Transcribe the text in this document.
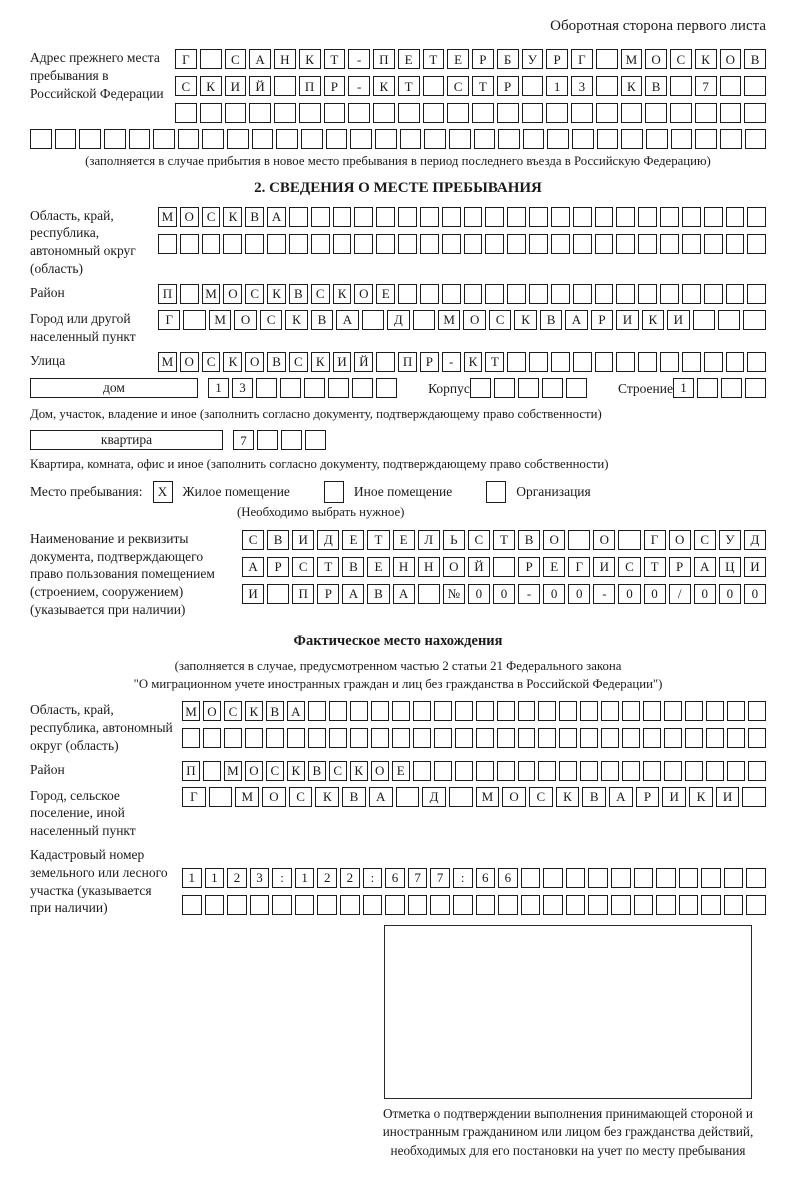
Оборотная сторона первого листа
Адрес прежнего места пребывания в Российской Федерации
Г	С	А	Н	К	Т	-	П	Е	Т	Е	Р	Б	У	Р	Г	М	О	С	К	О	В
С	К	И	Й	П	Р	-	К	Т	С	Т	Р	1	3	К	В	7
(заполняется в случае прибытия в новое место пребывания в период последнего въезда в Российскую Федерацию)
2. СВЕДЕНИЯ О МЕСТЕ ПРЕБЫВАНИЯ
Область, край, республика, автономный округ (область)
М О С	К	В А
Район	П	М О С	К	В	С	К О	Е
Город или другой населенный пункт
Г	М	О	С	К	В	А	Д	М	О	С	К	В	А	Р	И	К	И
Улица	М О С	К О В	С	К И Й	П	Р	-	К	Т
дом	1	3	Корпус	Строение 1
Дом, участок, владение и иное (заполнить согласно документу, подтверждающему право собственности)
квартира	7
Квартира, комната, офис и иное (заполнить согласно документу, подтверждающему право собственности)
Место пребывания:	X	Жилое помещение	Иное помещение	Организация
(Необходимо выбрать нужное)
Наименование и реквизиты документа, подтверждающего право пользования помещением (строением, сооружением) (указывается при наличии)
С	В	И	Д	Е	Т	Е	Л	Ь	С	Т	В	О	О	Г	О	С	У	Д
А	Р	С	Т	В	Е	Н	Н	О	Й	Р	Е	Г	И	С	Т	Р	А	Ц	И
И	П	Р	А	В	А	№	0	0	-	0	0	-	0	0	/	0	0	0
Фактическое место нахождения
(заполняется в случае, предусмотренном частью 2 статьи 21 Федерального закона
"О миграционном учете иностранных граждан и лиц без гражданства в Российской Федерации")
Область, край, республика, автономный округ (область)
М О С К В А
Район	П	М О С К В С К О Е
Город, сельское поселение, иной населенный пункт
Г	М	О	С	К	В	А	Д	М	О	С	К	В	А	Р	И	К	И
Кадастровый номер земельного или лесного участка (указывается при наличии)
1	1	2	3	:	1	2	2	:	6	7	7	:	6	6
Отметка о подтверждении выполнения принимающей стороной и иностранным гражданином или лицом без гражданства действий, необходимых для его постановки на учет по месту пребывания
